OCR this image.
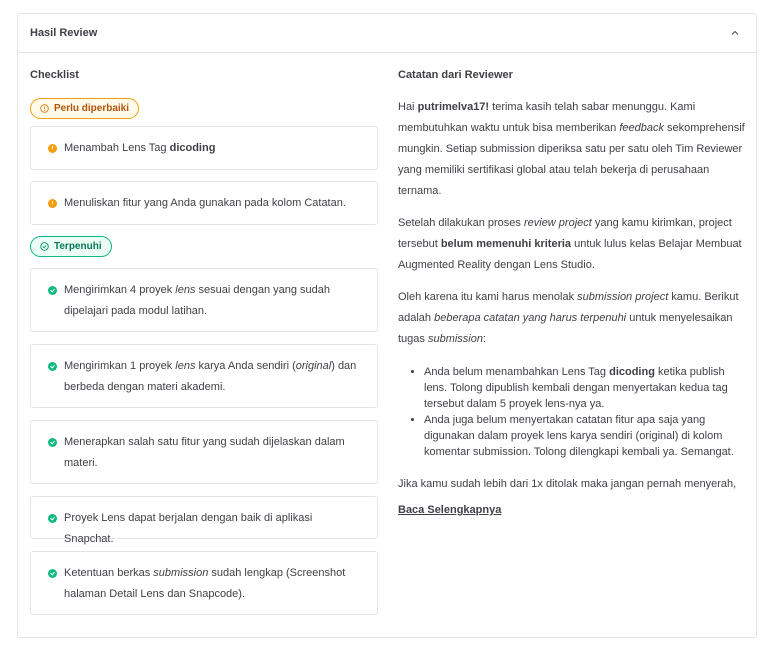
Hasil Review
Checklist
Perlu diperbaiki
Menambah Lens Tag dicoding
Menuliskan fitur yang Anda gunakan pada kolom Catatan.
Terpenuhi
Mengirimkan 4 proyek lens sesuai dengan yang sudah dipelajari pada modul latihan.
Mengirimkan 1 proyek lens karya Anda sendiri (original) dan berbeda dengan materi akademi.
Menerapkan salah satu fitur yang sudah dijelaskan dalam materi.
Proyek Lens dapat berjalan dengan baik di aplikasi Snapchat.
Ketentuan berkas submission sudah lengkap (Screenshot halaman Detail Lens dan Snapcode).
Catatan dari Reviewer

Hai putrimelva17! terima kasih telah sabar menunggu. Kami membutuhkan waktu untuk bisa memberikan feedback sekomprehensif mungkin. Setiap submission diperiksa satu per satu oleh Tim Reviewer yang memiliki sertifikasi global atau telah bekerja di perusahaan ternama.

Setelah dilakukan proses review project yang kamu kirimkan, project tersebut belum memenuhi kriteria untuk lulus kelas Belajar Membuat Augmented Reality dengan Lens Studio.

Oleh karena itu kami harus menolak submission project kamu. Berikut adalah beberapa catatan yang harus terpenuhi untuk menyelesaikan tugas submission:

• Anda belum menambahkan Lens Tag dicoding ketika publish lens. Tolong dipublish kembali dengan menyertakan kedua tag tersebut dalam 5 proyek lens-nya ya.
• Anda juga belum menyertakan catatan fitur apa saja yang digunakan dalam proyek lens karya sendiri (original) di kolom komentar submission. Tolong dilengkapi kembali ya. Semangat.

Jika kamu sudah lebih dari 1x ditolak maka jangan pernah menyerah,

Baca Selengkapnya
